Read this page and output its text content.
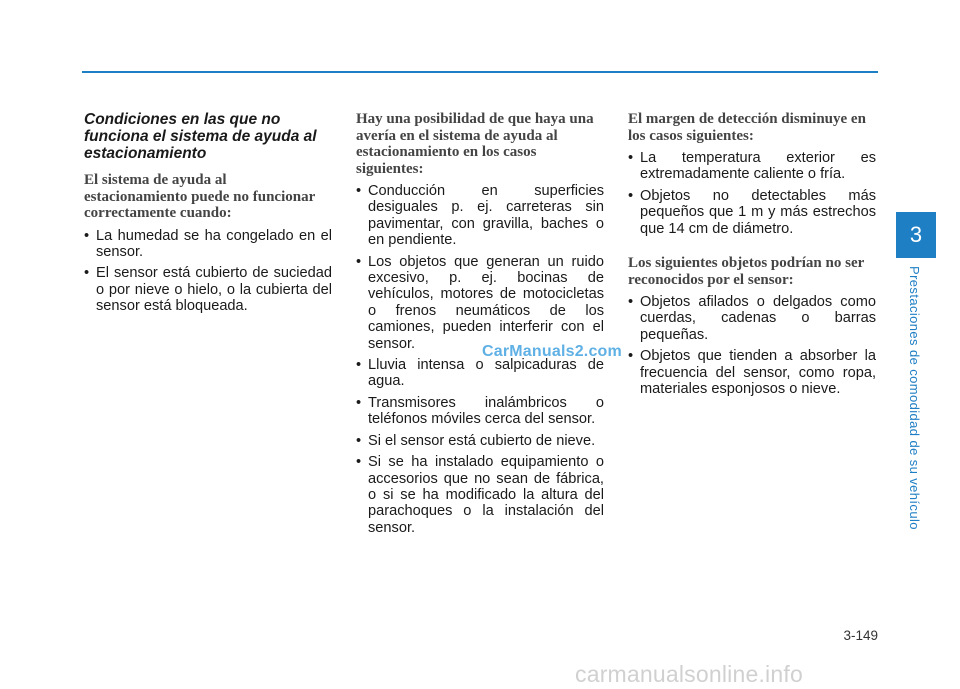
Condiciones en las que no funciona el sistema de ayuda al estacionamiento
El sistema de ayuda al estacionamiento puede no funcionar correctamente cuando:
• La humedad se ha congelado en el sensor.
• El sensor está cubierto de suciedad o por nieve o hielo, o la cubierta del sensor está bloqueada.
Hay una posibilidad de que haya una avería en el sistema de ayuda al estacionamiento en los casos siguientes:
• Conducción en superficies desiguales p. ej. carreteras sin pavimentar, con gravilla, baches o en pendiente.
• Los objetos que generan un ruido excesivo, p. ej. bocinas de vehículos, motores de motocicletas o frenos neumáticos de los camiones, pueden interferir con el sensor.
• Lluvia intensa o salpicaduras de agua.
• Transmisores inalámbricos o teléfonos móviles cerca del sensor.
• Si el sensor está cubierto de nieve.
• Si se ha instalado equipamiento o accesorios que no sean de fábrica, o si se ha modificado la altura del parachoques o la instalación del sensor.
El margen de detección disminuye en los casos siguientes:
• La temperatura exterior es extremadamente caliente o fría.
• Objetos no detectables más pequeños que 1 m y más estrechos que 14 cm de diámetro.
Los siguientes objetos podrían no ser reconocidos por el sensor:
• Objetos afilados o delgados como cuerdas, cadenas o barras pequeñas.
• Objetos que tienden a absorber la frecuencia del sensor, como ropa, materiales esponjosos o nieve.
3
Prestaciones de comodidad de su vehículo
3-149
CarManuals2.com
carmanualsonline.info
